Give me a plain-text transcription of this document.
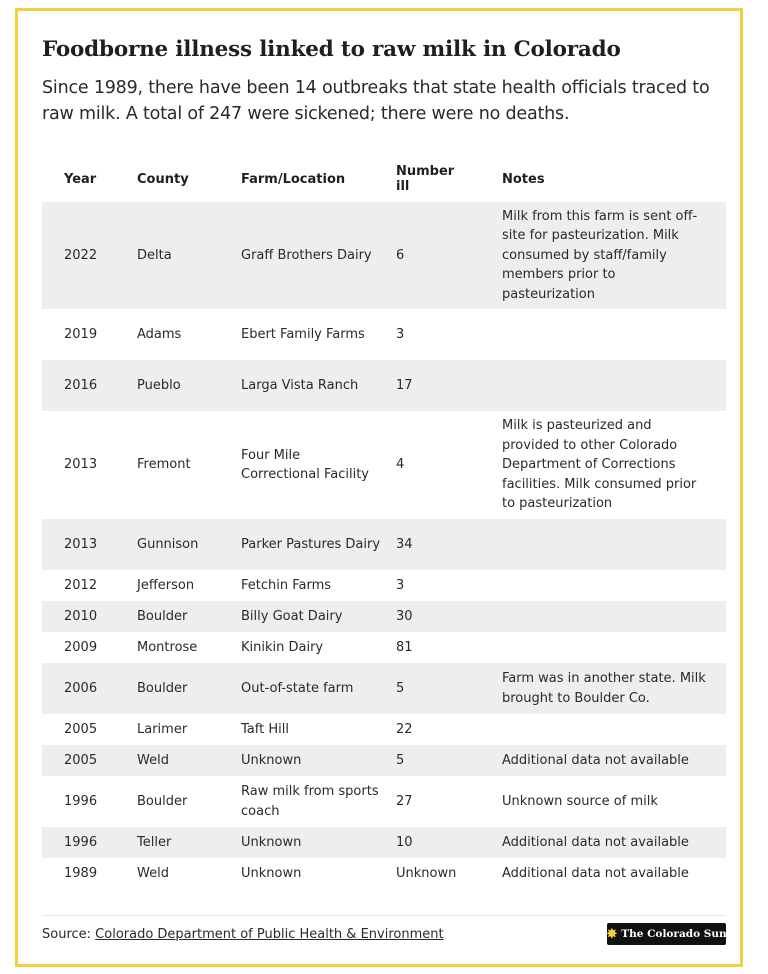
Foodborne illness linked to raw milk in Colorado
Since 1989, there have been 14 outbreaks that state health officials traced to raw milk. A total of 247 were sickened; there were no deaths.
Year	County	Farm/Location	Number ill	Notes
2022	Delta	Graff Brothers Dairy	6	Milk from this farm is sent off-site for pasteurization. Milk consumed by staff/family members prior to pasteurization
2019	Adams	Ebert Family Farms	3	
2016	Pueblo	Larga Vista Ranch	17	
2013	Fremont	Four Mile Correctional Facility	4	Milk is pasteurized and provided to other Colorado Department of Corrections facilities. Milk consumed prior to pasteurization
2013	Gunnison	Parker Pastures Dairy	34	
2012	Jefferson	Fetchin Farms	3	
2010	Boulder	Billy Goat Dairy	30	
2009	Montrose	Kinikin Dairy	81	
2006	Boulder	Out-of-state farm	5	Farm was in another state. Milk brought to Boulder Co.
2005	Larimer	Taft Hill	22	
2005	Weld	Unknown	5	Additional data not available
1996	Boulder	Raw milk from sports coach	27	Unknown source of milk
1996	Teller	Unknown	10	Additional data not available
1989	Weld	Unknown	Unknown	Additional data not available
Source: Colorado Department of Public Health & Environment	✸ The Colorado Sun
